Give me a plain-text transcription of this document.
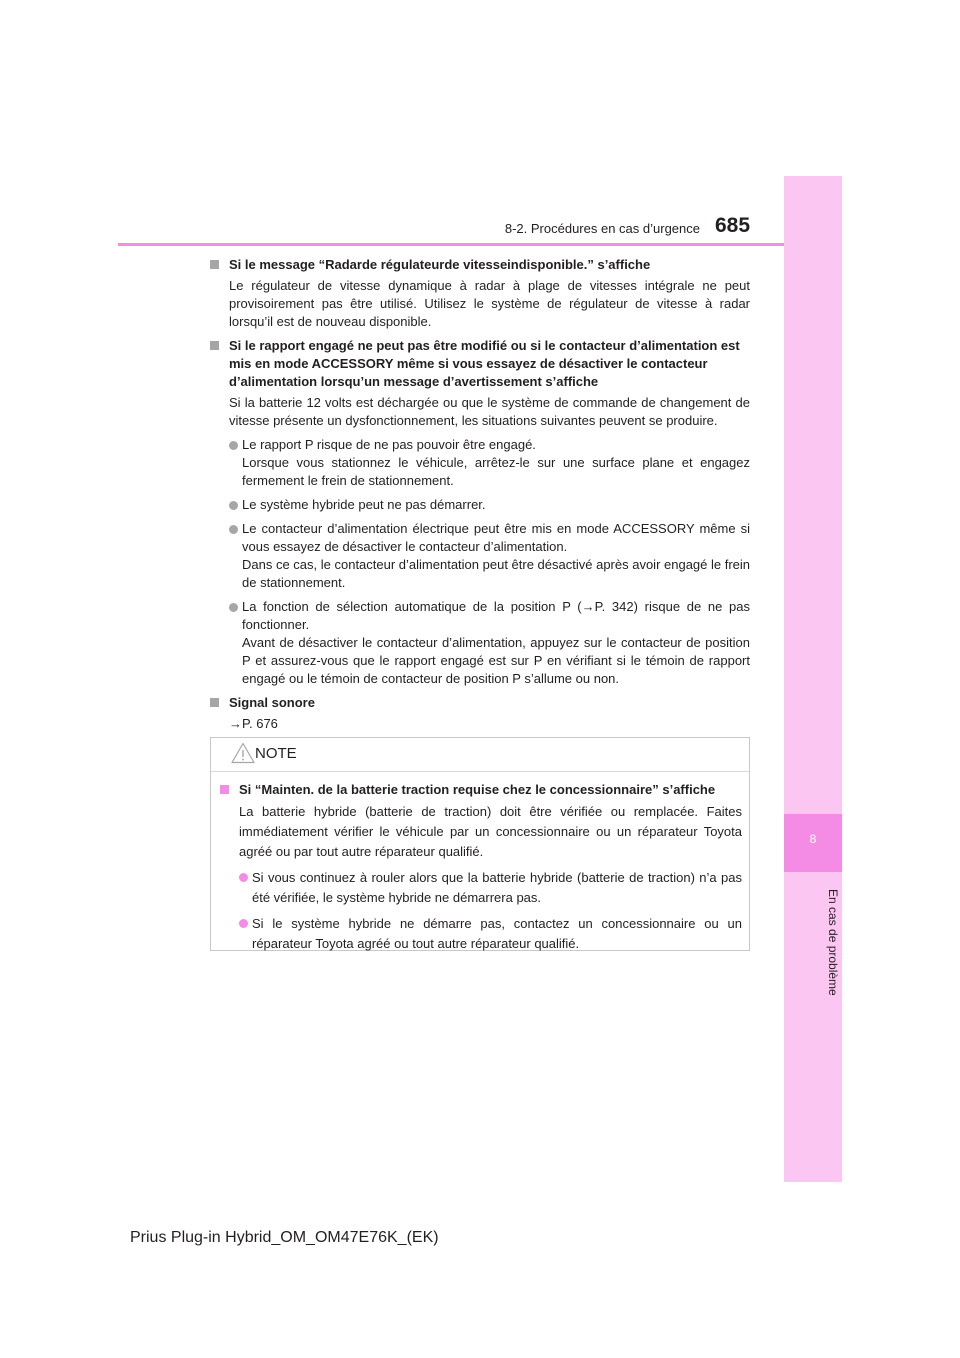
8
En cas de problème
8-2. Procédures en cas d’urgence 685
Si le message “Radarde régulateurde vitesseindisponible.” s’affiche
Le régulateur de vitesse dynamique à radar à plage de vitesses intégrale ne peut provisoirement pas être utilisé. Utilisez le système de régulateur de vitesse à radar lorsqu’il est de nouveau disponible.
Si le rapport engagé ne peut pas être modifié ou si le contacteur d’alimentation est mis en mode ACCESSORY même si vous essayez de désactiver le contacteur d’alimentation lorsqu’un message d’avertissement s’affiche
Si la batterie 12 volts est déchargée ou que le système de commande de changement de vitesse présente un dysfonctionnement, les situations suivantes peuvent se produire.
Le rapport P risque de ne pas pouvoir être engagé.
Lorsque vous stationnez le véhicule, arrêtez-le sur une surface plane et engagez fermement le frein de stationnement.
Le système hybride peut ne pas démarrer.
Le contacteur d’alimentation électrique peut être mis en mode ACCESSORY même si vous essayez de désactiver le contacteur d’alimentation.
Dans ce cas, le contacteur d’alimentation peut être désactivé après avoir engagé le frein de stationnement.
La fonction de sélection automatique de la position P (→P. 342) risque de ne pas fonctionner.
Avant de désactiver le contacteur d’alimentation, appuyez sur le contacteur de position P et assurez-vous que le rapport engagé est sur P en vérifiant si le témoin de rapport engagé ou le témoin de contacteur de position P s’allume ou non.
Signal sonore
→P. 676
NOTE
Si “Mainten. de la batterie traction requise chez le concessionnaire” s’affiche
La batterie hybride (batterie de traction) doit être vérifiée ou remplacée. Faites immédiatement vérifier le véhicule par un concessionnaire ou un réparateur Toyota agréé ou par tout autre réparateur qualifié.
Si vous continuez à rouler alors que la batterie hybride (batterie de traction) n’a pas été vérifiée, le système hybride ne démarrera pas.
Si le système hybride ne démarre pas, contactez un concessionnaire ou un réparateur Toyota agréé ou tout autre réparateur qualifié.
Prius Plug-in Hybrid_OM_OM47E76K_(EK)
